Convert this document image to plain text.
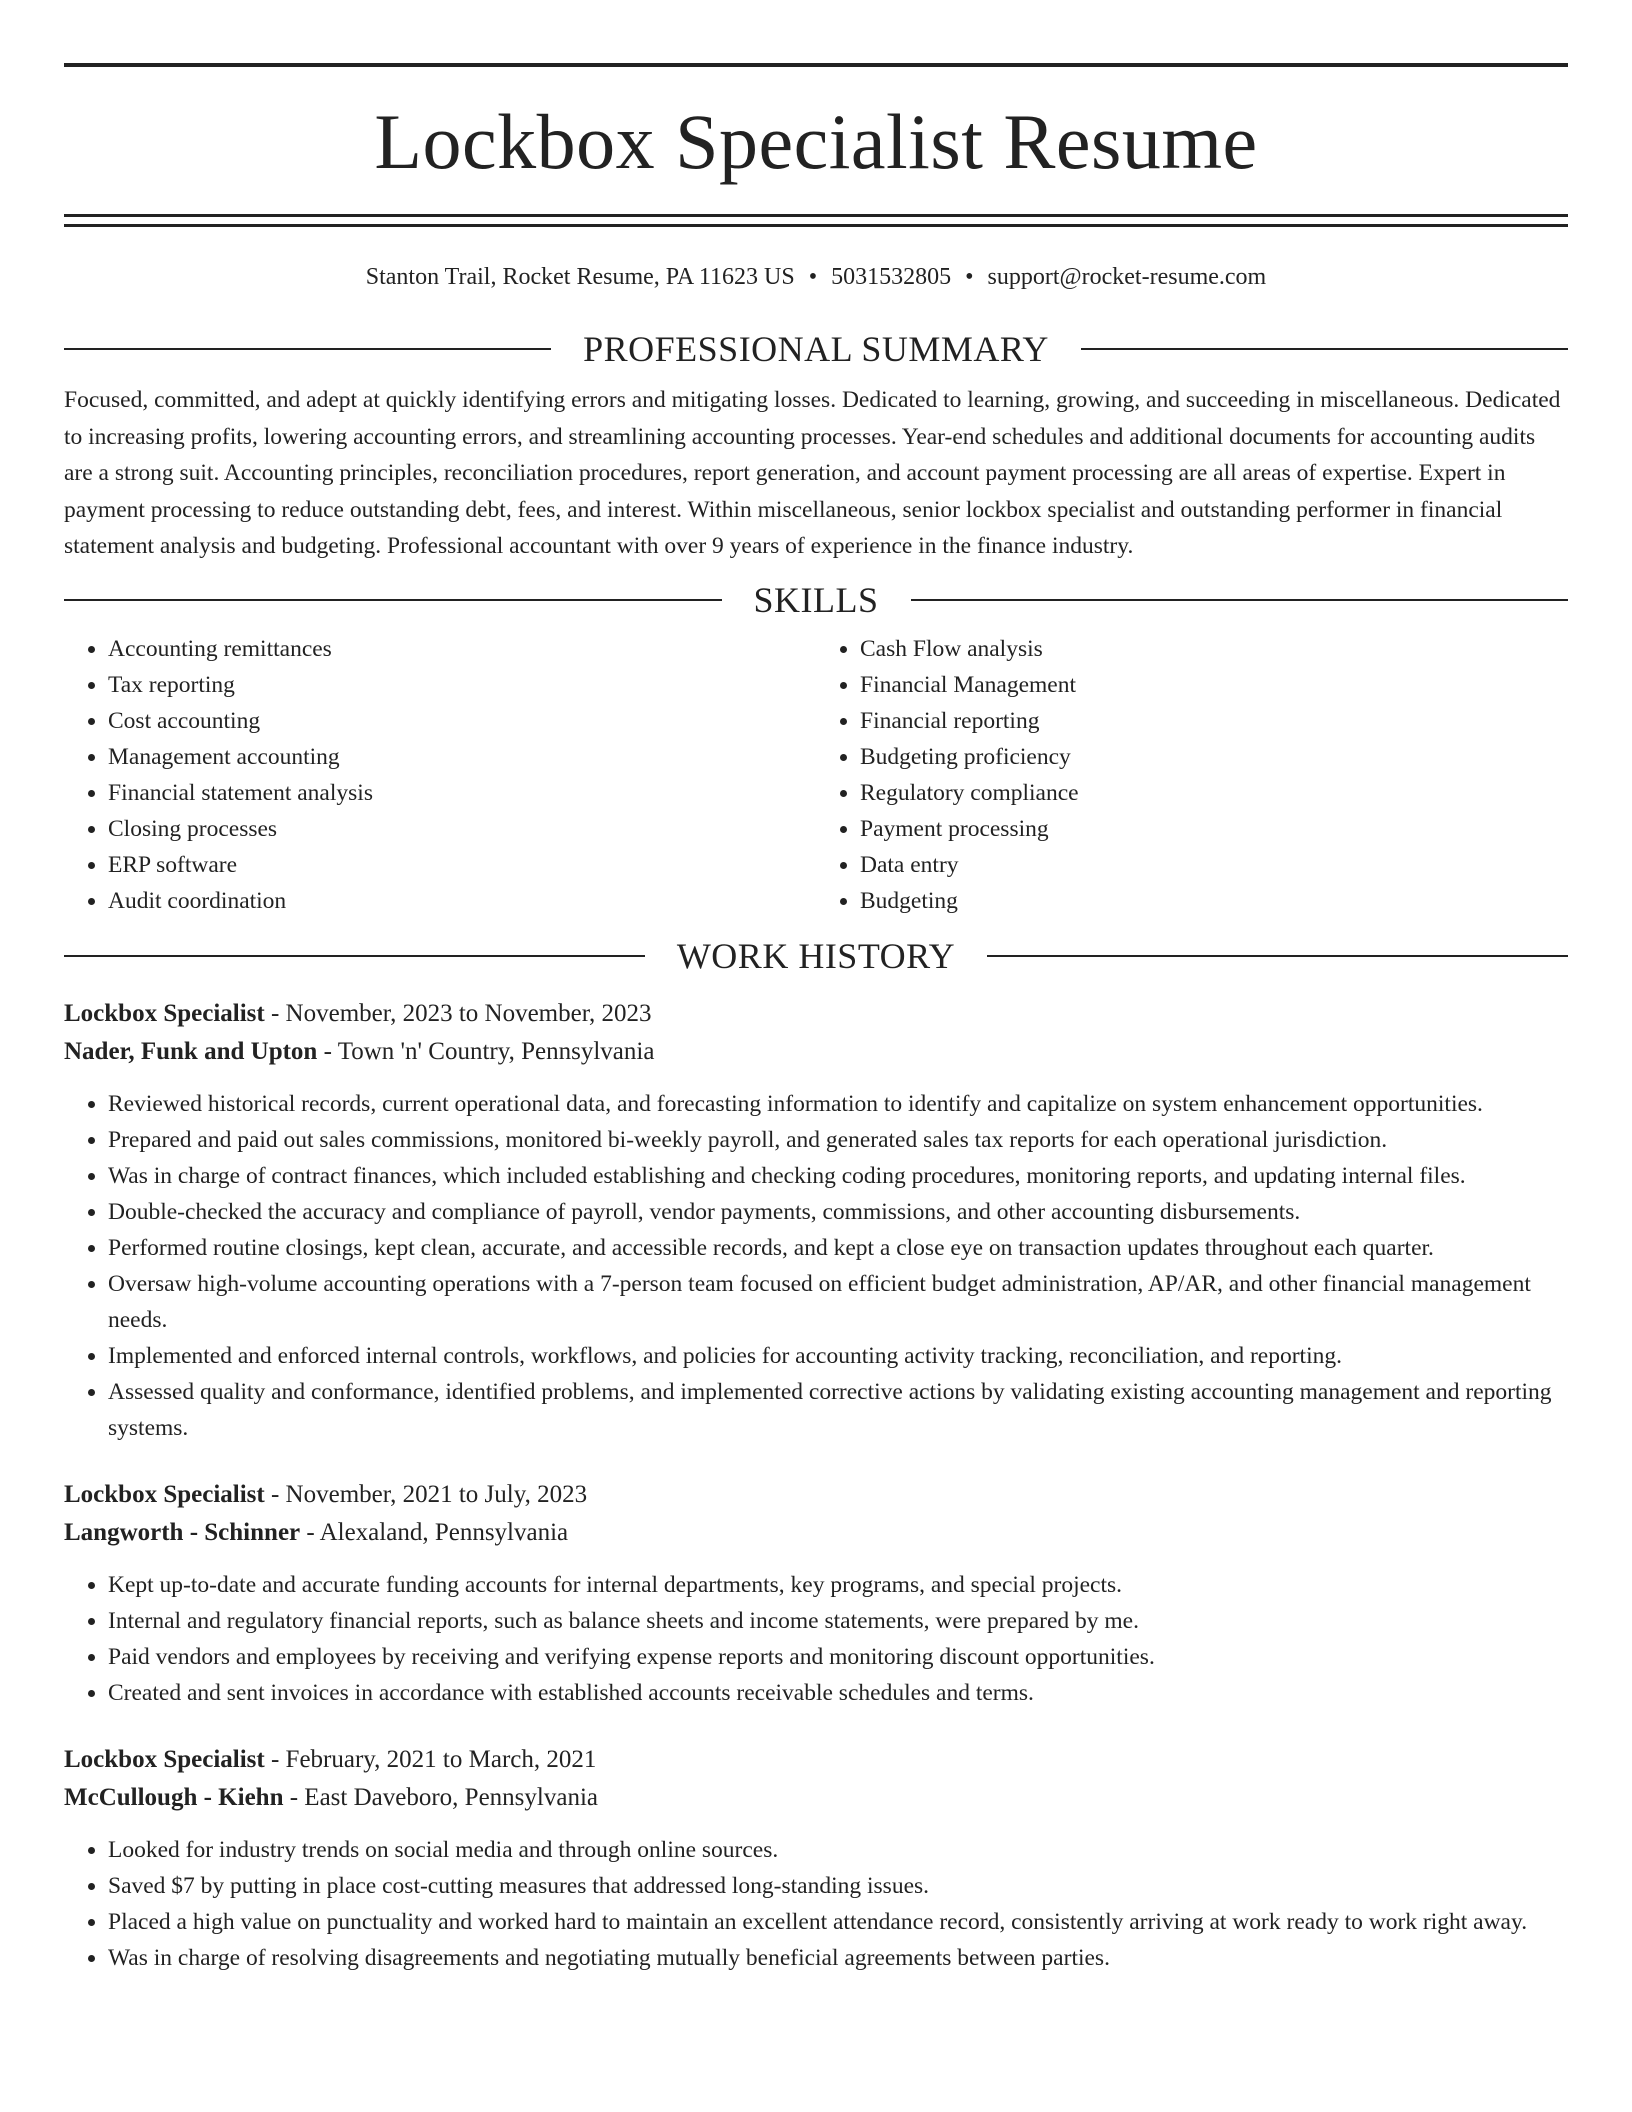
Lockbox Specialist Resume
Stanton Trail, Rocket Resume, PA 11623 US • 5031532805 • support@rocket-resume.com
PROFESSIONAL SUMMARY
Focused, committed, and adept at quickly identifying errors and mitigating losses. Dedicated to learning, growing, and succeeding in miscellaneous. Dedicated to increasing profits, lowering accounting errors, and streamlining accounting processes. Year-end schedules and additional documents for accounting audits are a strong suit. Accounting principles, reconciliation procedures, report generation, and account payment processing are all areas of expertise. Expert in payment processing to reduce outstanding debt, fees, and interest. Within miscellaneous, senior lockbox specialist and outstanding performer in financial statement analysis and budgeting. Professional accountant with over 9 years of experience in the finance industry.
SKILLS
• Accounting remittances
• Tax reporting
• Cost accounting
• Management accounting
• Financial statement analysis
• Closing processes
• ERP software
• Audit coordination
• Cash Flow analysis
• Financial Management
• Financial reporting
• Budgeting proficiency
• Regulatory compliance
• Payment processing
• Data entry
• Budgeting
WORK HISTORY
Lockbox Specialist - November, 2023 to November, 2023
Nader, Funk and Upton - Town 'n' Country, Pennsylvania
• Reviewed historical records, current operational data, and forecasting information to identify and capitalize on system enhancement opportunities.
• Prepared and paid out sales commissions, monitored bi-weekly payroll, and generated sales tax reports for each operational jurisdiction.
• Was in charge of contract finances, which included establishing and checking coding procedures, monitoring reports, and updating internal files.
• Double-checked the accuracy and compliance of payroll, vendor payments, commissions, and other accounting disbursements.
• Performed routine closings, kept clean, accurate, and accessible records, and kept a close eye on transaction updates throughout each quarter.
• Oversaw high-volume accounting operations with a 7-person team focused on efficient budget administration, AP/AR, and other financial management needs.
• Implemented and enforced internal controls, workflows, and policies for accounting activity tracking, reconciliation, and reporting.
• Assessed quality and conformance, identified problems, and implemented corrective actions by validating existing accounting management and reporting systems.
Lockbox Specialist - November, 2021 to July, 2023
Langworth - Schinner - Alexaland, Pennsylvania
• Kept up-to-date and accurate funding accounts for internal departments, key programs, and special projects.
• Internal and regulatory financial reports, such as balance sheets and income statements, were prepared by me.
• Paid vendors and employees by receiving and verifying expense reports and monitoring discount opportunities.
• Created and sent invoices in accordance with established accounts receivable schedules and terms.
Lockbox Specialist - February, 2021 to March, 2021
McCullough - Kiehn - East Daveboro, Pennsylvania
• Looked for industry trends on social media and through online sources.
• Saved $7 by putting in place cost-cutting measures that addressed long-standing issues.
• Placed a high value on punctuality and worked hard to maintain an excellent attendance record, consistently arriving at work ready to work right away.
• Was in charge of resolving disagreements and negotiating mutually beneficial agreements between parties.
